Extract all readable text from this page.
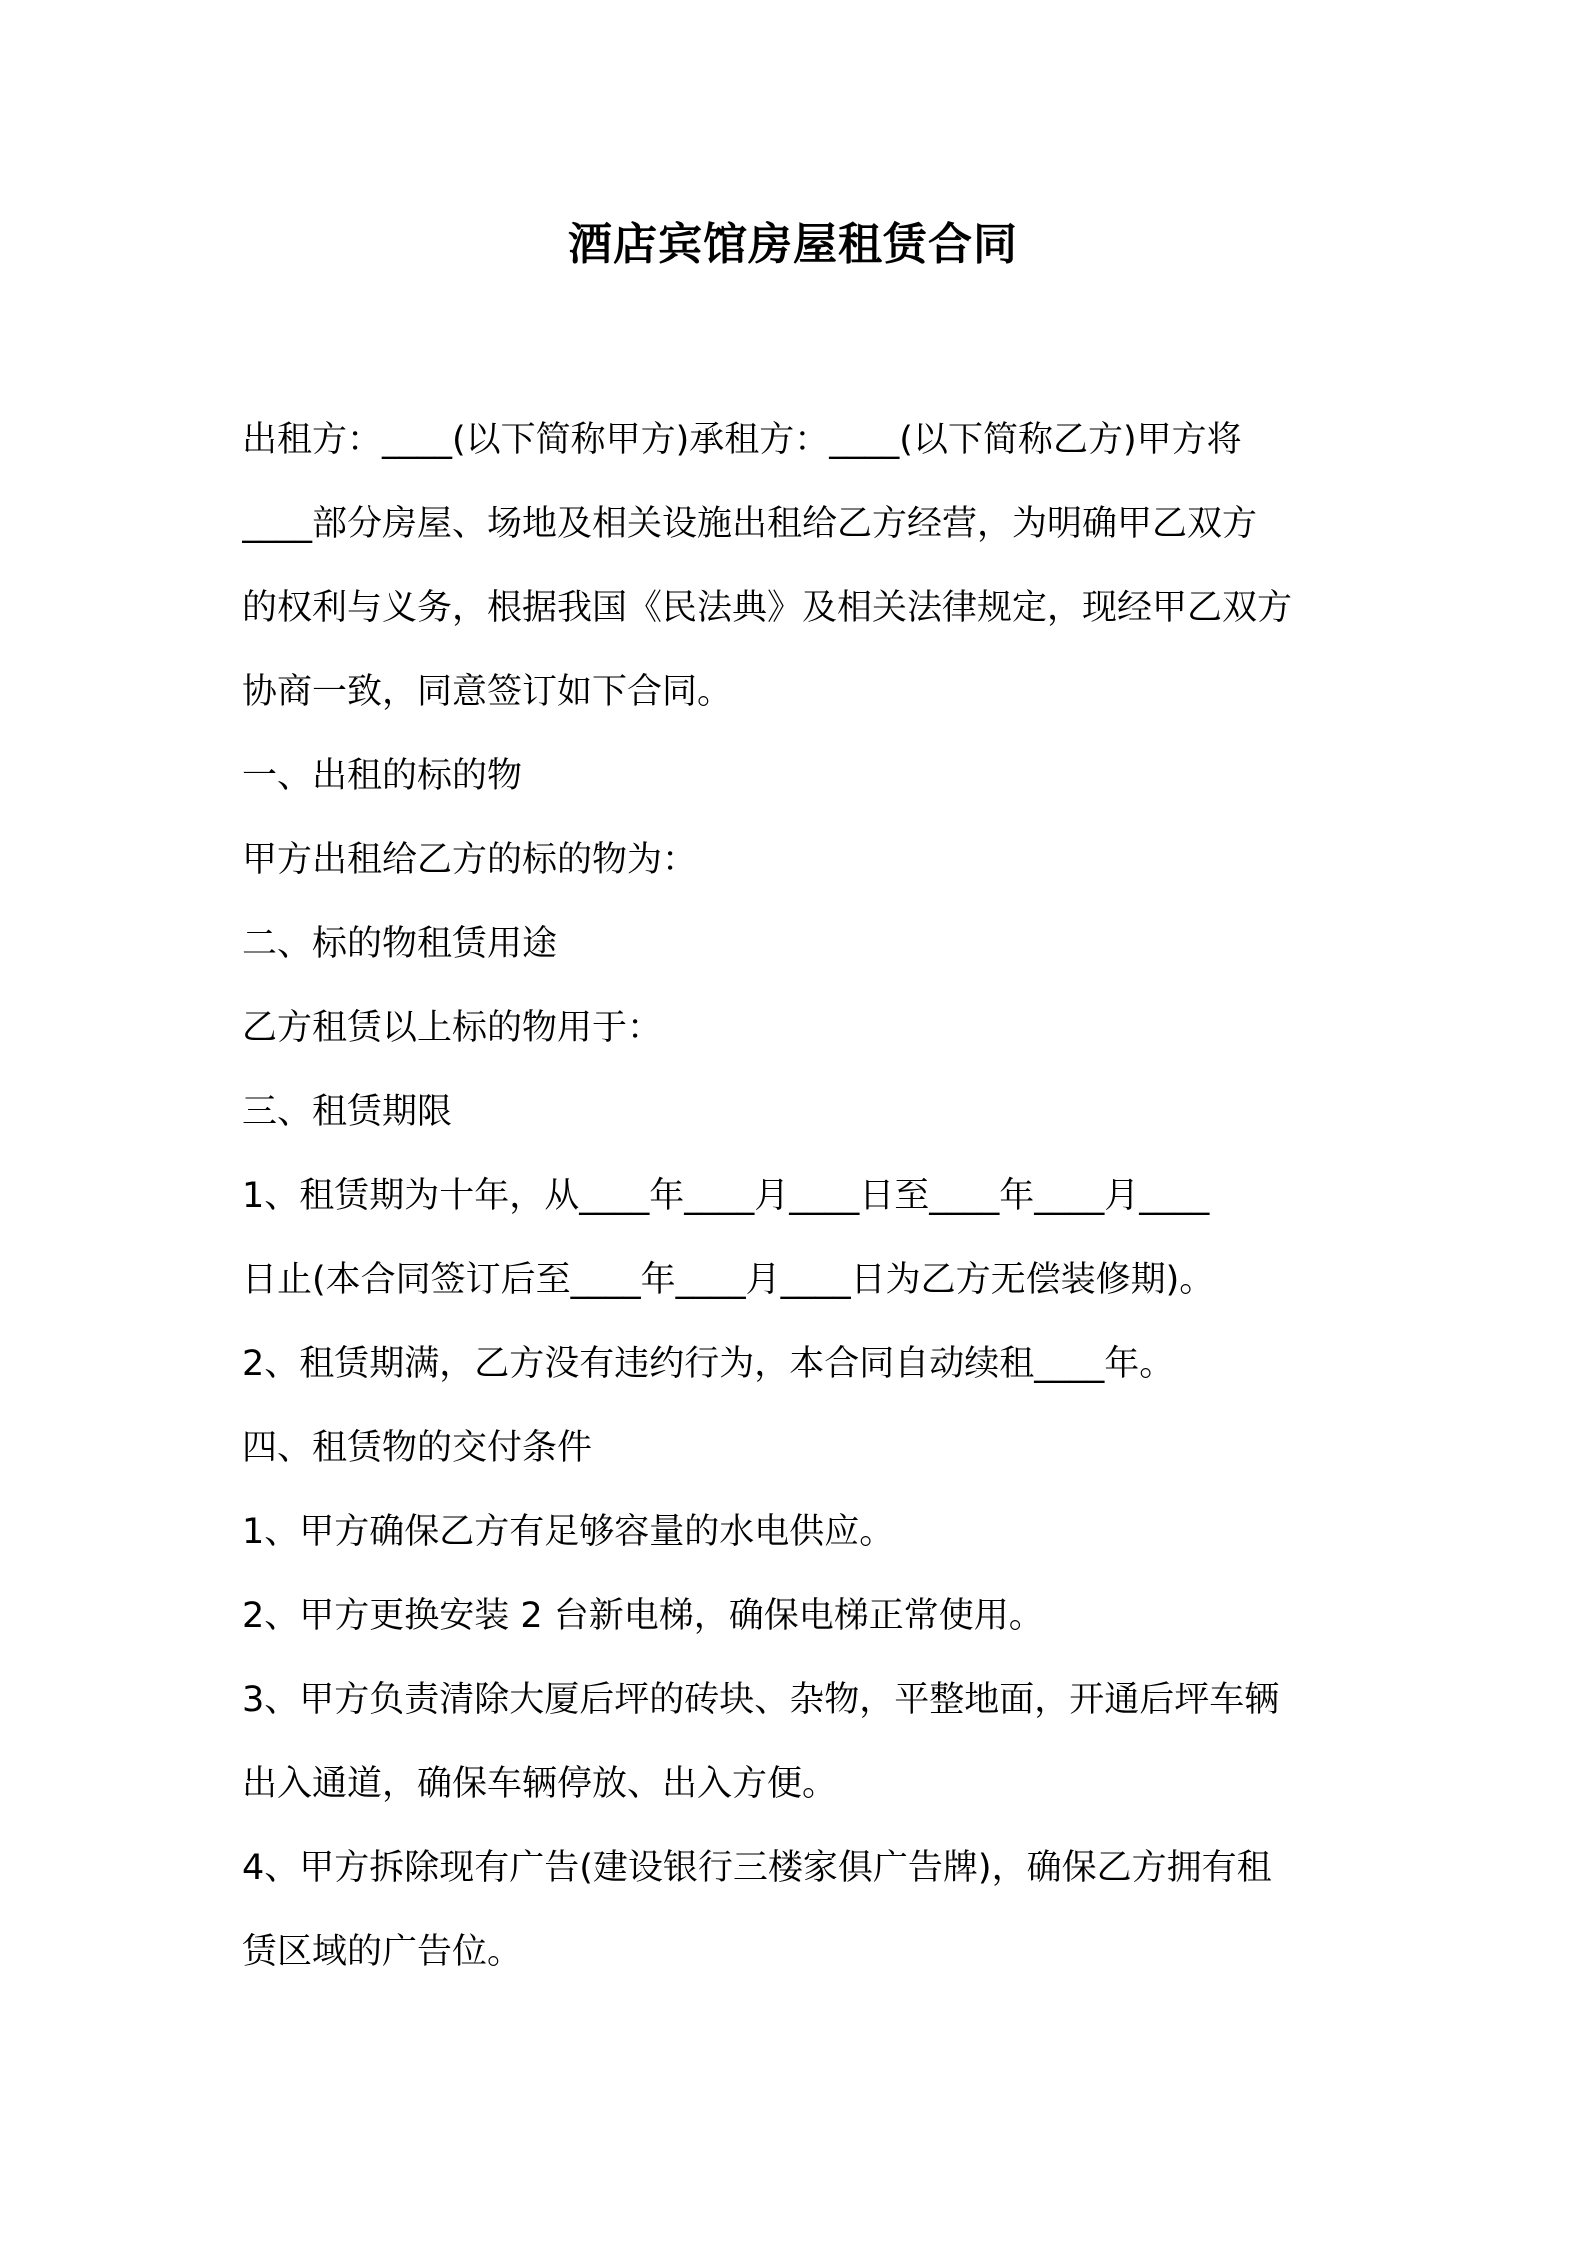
酒店宾馆房屋租赁合同

出租方：____(以下简称甲方)承租方：____(以下简称乙方)甲方将

____部分房屋、场地及相关设施出租给乙方经营，为明确甲乙双方

的权利与义务，根据我国《民法典》及相关法律规定，现经甲乙双方

协商一致，同意签订如下合同。

一、出租的标的物

甲方出租给乙方的标的物为：

二、标的物租赁用途

乙方租赁以上标的物用于：

三、租赁期限

1、租赁期为十年，从____年____月____日至____年____月____

日止(本合同签订后至____年____月____日为乙方无偿装修期)。

2、租赁期满，乙方没有违约行为，本合同自动续租____年。

四、租赁物的交付条件

1、甲方确保乙方有足够容量的水电供应。

2、甲方更换安装 2 台新电梯，确保电梯正常使用。

3、甲方负责清除大厦后坪的砖块、杂物，平整地面，开通后坪车辆

出入通道，确保车辆停放、出入方便。

4、甲方拆除现有广告(建设银行三楼家俱广告牌)，确保乙方拥有租

赁区域的广告位。
